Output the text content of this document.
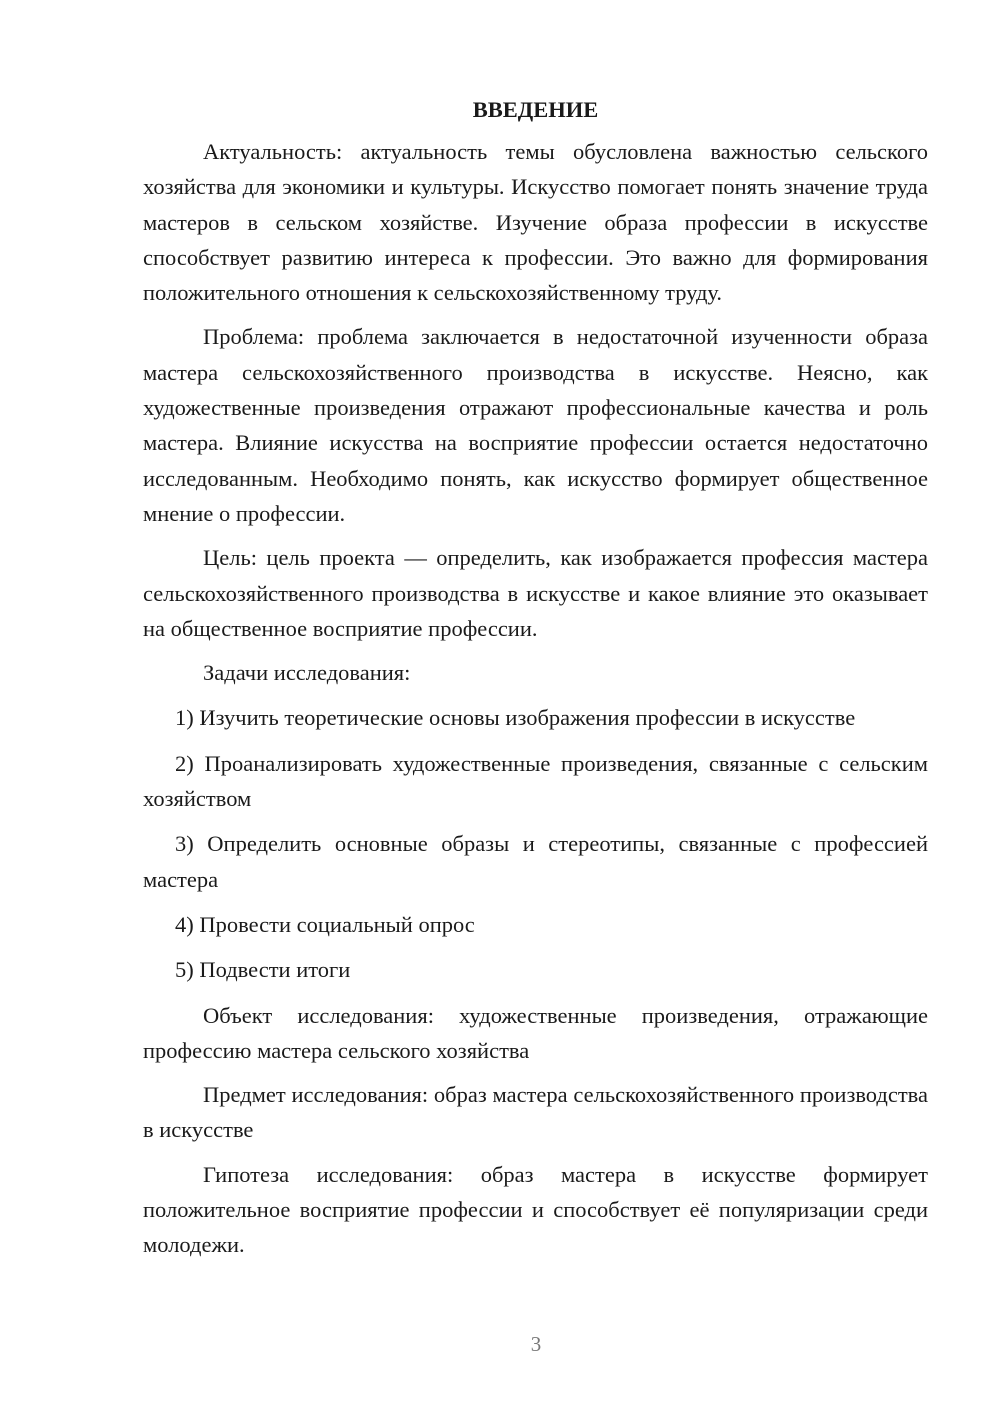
ВВЕДЕНИЕ

Актуальность: актуальность темы обусловлена важностью сельского хозяйства для экономики и культуры. Искусство помогает понять значение труда мастеров в сельском хозяйстве. Изучение образа профессии в искусстве способствует развитию интереса к профессии. Это важно для формирования положительного отношения к сельскохозяйственному труду.

Проблема: проблема заключается в недостаточной изученности образа мастера сельскохозяйственного производства в искусстве. Неясно, как художественные произведения отражают профессиональные качества и роль мастера. Влияние искусства на восприятие профессии остается недостаточно исследованным. Необходимо понять, как искусство формирует общественное мнение о профессии.

Цель: цель проекта — определить, как изображается профессия мастера сельскохозяйственного производства в искусстве и какое влияние это оказывает на общественное восприятие профессии.

Задачи исследования:

1) Изучить теоретические основы изображения профессии в искусстве

2) Проанализировать художественные произведения, связанные с сельским хозяйством

3) Определить основные образы и стереотипы, связанные с профессией мастера

4) Провести социальный опрос

5) Подвести итоги

Объект исследования: художественные произведения, отражающие профессию мастера сельского хозяйства

Предмет исследования: образ мастера сельскохозяйственного производства в искусстве

Гипотеза исследования: образ мастера в искусстве формирует положительное восприятие профессии и способствует её популяризации среди молодежи.

3
